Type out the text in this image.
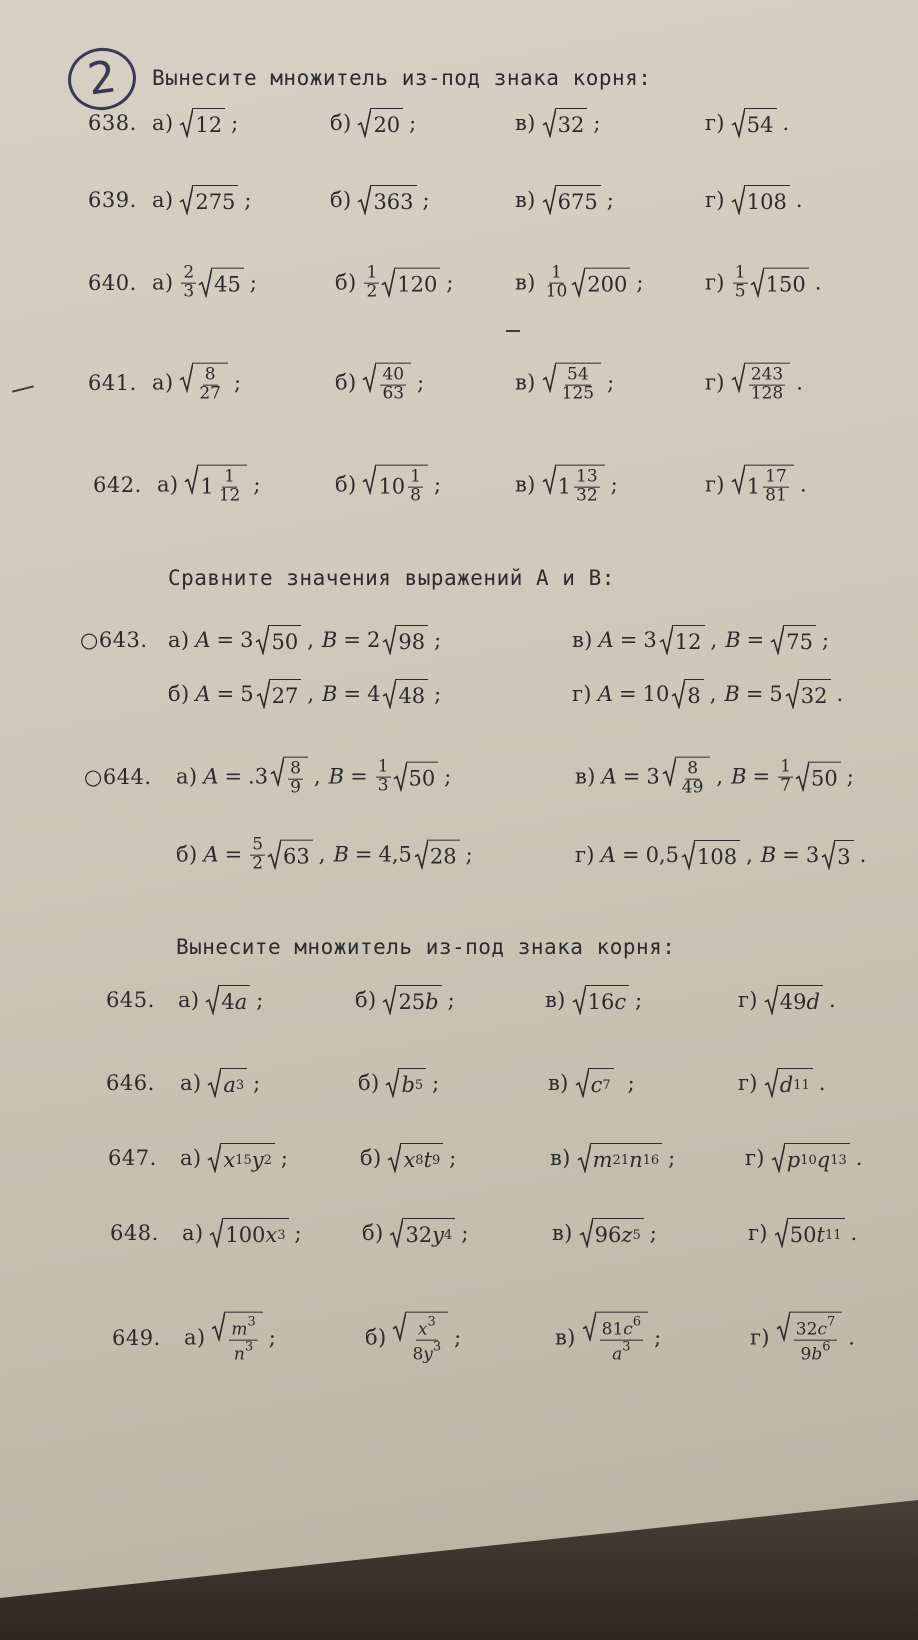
2	Вынесите множитель из-под знака корня:
638. а) 12 ;	б) 20 ;	в) 32 ;	г) 54 .
639. а) 275 ;	б) 363 ;	в) 675 ;	г) 108 .
640. $а) \frac{2}{3} 45$ ;	$б) \frac{1}{2} 120$ ;	$в) \frac{1}{10} 200$ ;	$г) \frac{1}{5} 150$ .
641. $а) \frac{8}{27}$ ;	$б) \frac{40}{63}$ ;	$в) \frac{54}{125}$ ;	$г) \frac{243}{128}$ .
642. а) $1 \frac{1}{12}$ ;	б) $10 \frac{1}{8}$ ;	в) $1 \frac{13}{32}$ ;	г) $1 \frac{17}{81}$ .
Сравните значения выражений A и B:
○643. а) A = 3 50 , B = 2 98 ;	в) A = 3 12 , B = 75 ;
б) A = 5 27 , B = 4 48 ;	г) A = 10 8 , B = 5 32 .
○644. а) $A = .3 \frac{8}{9}$ , $B = \frac{1}{3} 50$ ;	в) $A = 3 \frac{8}{49}$ , $B = \frac{1}{7} 50$ ;
б) $A = \frac{5}{2} 63$ , B = 4,5 28 ;	г) A = 0,5 108 , B = 3 3 .
Вынесите множитель из-под знака корня:
645. а) 4 a ;	б) 25 b ;	в) 16 c ;	г) 49 d .
646. а) a 3 ;	б) b 5 ;	в) c 7 ;	г) d 11 .
647. а) x 15 y 2 ;	б) x 8 t 9 ;	в) m 21 n 16 ;	г) p 10 q 13 .
648. а) 100 x 3 ;	б) 32 y 4 ;	в) 96 z 5 ;	г) 50 t 11 .
649. $а) \frac{m^3}{n^3}$ ;	$б) \frac{x^3}{8y^3}$ ;	$в) \frac{81c^6}{a^3}$ ;	$г) \frac{32c^7}{9b^6}$ .
